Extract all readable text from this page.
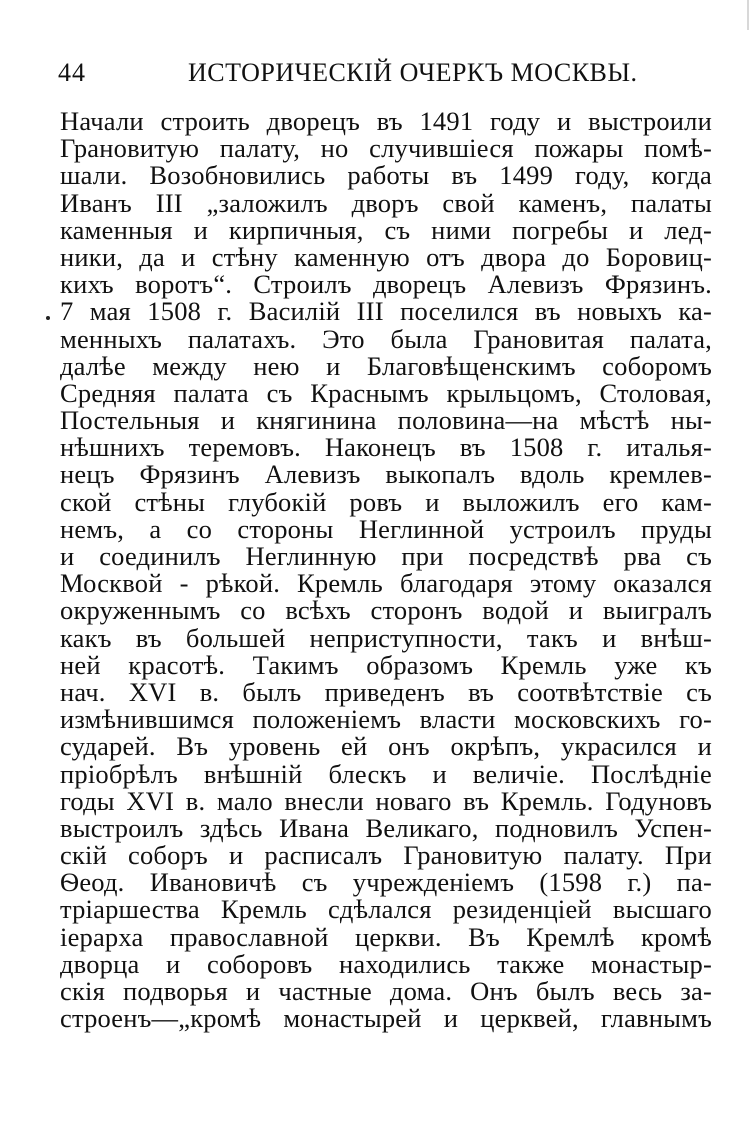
44	ИСТОРИЧЕСКІЙ ОЧЕРКЪ МОСКВЫ.
Начали строить дворецъ въ 1491 году и выстроили
Грановитую палату, но случившіеся пожары помѣ-
шали. Возобновились работы въ 1499 году, когда
Иванъ III „заложилъ дворъ свой каменъ, палаты
каменныя и кирпичныя, съ ними погребы и лед-
ники, да и стѣну каменную отъ двора до Боровиц-
кихъ воротъ“. Строилъ дворецъ Алевизъ Фрязинъ.
7 мая 1508 г. Василій III поселился въ новыхъ ка-
менныхъ палатахъ. Это была Грановитая палата,
далѣе между нею и Благовѣщенскимъ соборомъ
Средняя палата съ Краснымъ крыльцомъ, Столовая,
Постельныя и княгинина половина—на мѣстѣ ны-
нѣшнихъ теремовъ. Наконецъ въ 1508 г. италья-
нецъ Фрязинъ Алевизъ выкопалъ вдоль кремлев-
ской стѣны глубокій ровъ и выложилъ его кам-
немъ, а со стороны Неглинной устроилъ пруды
и соединилъ Неглинную при посредствѣ рва съ
Москвой - рѣкой. Кремль благодаря этому оказался
окруженнымъ со всѣхъ сторонъ водой и выигралъ
какъ въ большей неприступности, такъ и внѣш-
ней красотѣ. Такимъ образомъ Кремль уже къ
нач. XVI в. былъ приведенъ въ соотвѣтствіе съ
измѣнившимся положеніемъ власти московскихъ го-
сударей. Въ уровень ей онъ окрѣпъ, украсился и
пріобрѣлъ внѣшній блескъ и величіе. Послѣдніе
годы XVI в. мало внесли новаго въ Кремль. Годуновъ
выстроилъ здѣсь Ивана Великаго, подновилъ Успен-
скій соборъ и расписалъ Грановитую палату. При
Ѳеод. Ивановичѣ съ учрежденіемъ (1598 г.) па-
тріаршества Кремль сдѣлался резиденціей высшаго
іерарха православной церкви. Въ Кремлѣ кромѣ
дворца и соборовъ находились также монастыр-
скія подворья и частные дома. Онъ былъ весь за-
строенъ—„кромѣ монастырей и церквей, главнымъ
